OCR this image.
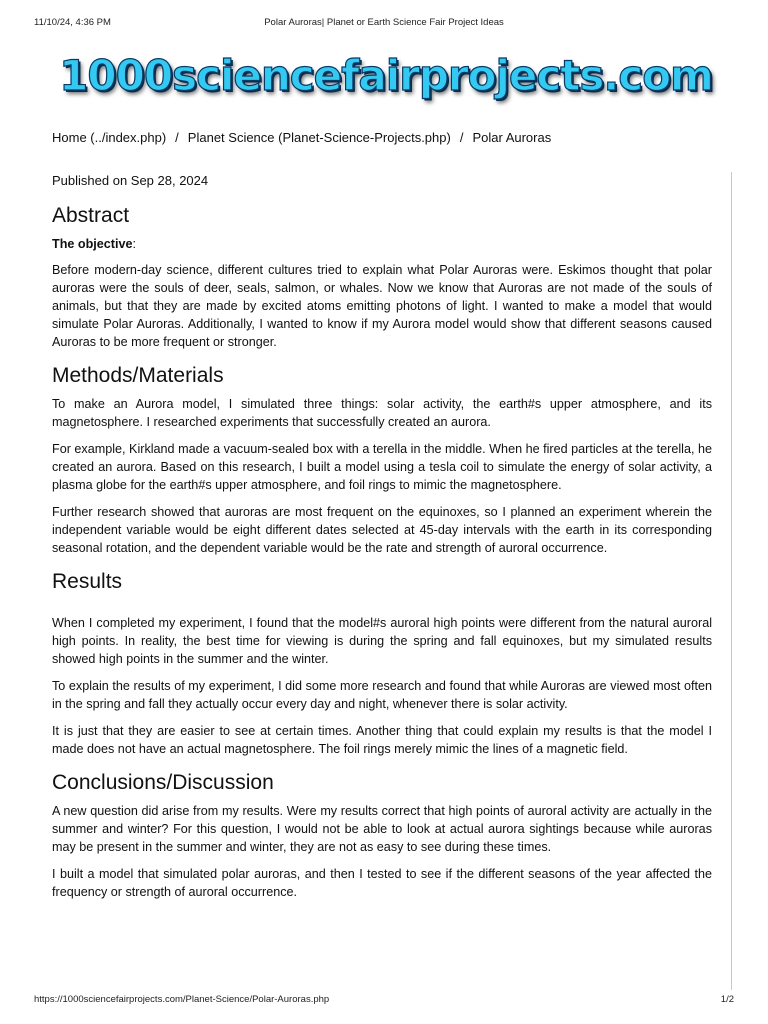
11/10/24, 4:36 PM	Polar Auroras| Planet or Earth Science Fair Project Ideas
1000sciencefairprojects.com
Home (../index.php) / Planet Science (Planet-Science-Projects.php) / Polar Auroras
Published on Sep 28, 2024
Abstract

The objective:

Before modern-day science, different cultures tried to explain what Polar Auroras were. Eskimos thought that polar auroras were the souls of deer, seals, salmon, or whales. Now we know that Auroras are not made of the souls of animals, but that they are made by excited atoms emitting photons of light. I wanted to make a model that would simulate Polar Auroras. Additionally, I wanted to know if my Aurora model would show that different seasons caused Auroras to be more frequent or stronger.

Methods/Materials

To make an Aurora model, I simulated three things: solar activity, the earth#s upper atmosphere, and its magnetosphere. I researched experiments that successfully created an aurora.

For example, Kirkland made a vacuum-sealed box with a terella in the middle. When he fired particles at the terella, he created an aurora. Based on this research, I built a model using a tesla coil to simulate the energy of solar activity, a plasma globe for the earth#s upper atmosphere, and foil rings to mimic the magnetosphere.

Further research showed that auroras are most frequent on the equinoxes, so I planned an experiment wherein the independent variable would be eight different dates selected at 45-day intervals with the earth in its corresponding seasonal rotation, and the dependent variable would be the rate and strength of auroral occurrence.

Results

When I completed my experiment, I found that the model#s auroral high points were different from the natural auroral high points. In reality, the best time for viewing is during the spring and fall equinoxes, but my simulated results showed high points in the summer and the winter.

To explain the results of my experiment, I did some more research and found that while Auroras are viewed most often in the spring and fall they actually occur every day and night, whenever there is solar activity.

It is just that they are easier to see at certain times. Another thing that could explain my results is that the model I made does not have an actual magnetosphere. The foil rings merely mimic the lines of a magnetic field.

Conclusions/Discussion

A new question did arise from my results. Were my results correct that high points of auroral activity are actually in the summer and winter? For this question, I would not be able to look at actual aurora sightings because while auroras may be present in the summer and winter, they are not as easy to see during these times.

I built a model that simulated polar auroras, and then I tested to see if the different seasons of the year affected the frequency or strength of auroral occurrence.

https://1000sciencefairprojects.com/Planet-Science/Polar-Auroras.php	1/2
